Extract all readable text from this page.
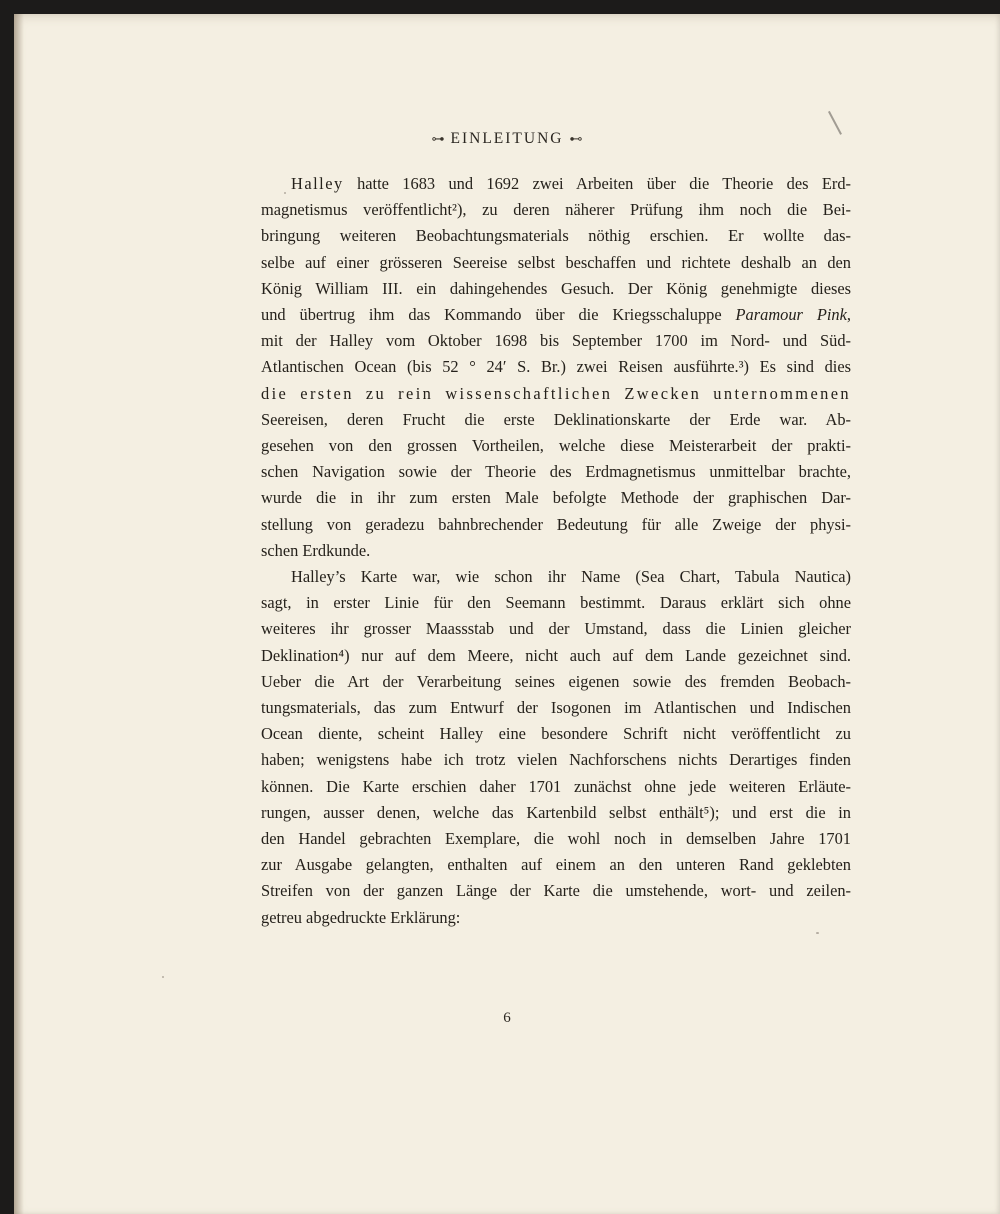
⊶ EINLEITUNG ⊷

Halley hatte 1683 und 1692 zwei Arbeiten über die Theorie des Erd-
magnetismus veröffentlicht²), zu deren näherer Prüfung ihm noch die Bei-
bringung weiteren Beobachtungsmaterials nöthig erschien. Er wollte das-
selbe auf einer grösseren Seereise selbst beschaffen und richtete deshalb an den
König William III. ein dahingehendes Gesuch. Der König genehmigte dieses
und übertrug ihm das Kommando über die Kriegsschaluppe Paramour Pink,
mit der Halley vom Oktober 1698 bis September 1700 im Nord- und Süd-
Atlantischen Ocean (bis 52 ° 24′ S. Br.) zwei Reisen ausführte.³) Es sind dies
die ersten zu rein wissenschaftlichen Zwecken unternommenen
Seereisen, deren Frucht die erste Deklinationskarte der Erde war. Ab-
gesehen von den grossen Vortheilen, welche diese Meisterarbeit der prakti-
schen Navigation sowie der Theorie des Erdmagnetismus unmittelbar brachte,
wurde die in ihr zum ersten Male befolgte Methode der graphischen Dar-
stellung von geradezu bahnbrechender Bedeutung für alle Zweige der physi-
schen Erdkunde.

Halley’s Karte war, wie schon ihr Name (Sea Chart, Tabula Nautica)
sagt, in erster Linie für den Seemann bestimmt. Daraus erklärt sich ohne
weiteres ihr grosser Maassstab und der Umstand, dass die Linien gleicher
Deklination⁴) nur auf dem Meere, nicht auch auf dem Lande gezeichnet sind.
Ueber die Art der Verarbeitung seines eigenen sowie des fremden Beobach-
tungsmaterials, das zum Entwurf der Isogonen im Atlantischen und Indischen
Ocean diente, scheint Halley eine besondere Schrift nicht veröffentlicht zu
haben; wenigstens habe ich trotz vielen Nachforschens nichts Derartiges finden
können. Die Karte erschien daher 1701 zunächst ohne jede weiteren Erläute-
rungen, ausser denen, welche das Kartenbild selbst enthält⁵); und erst die in
den Handel gebrachten Exemplare, die wohl noch in demselben Jahre 1701
zur Ausgabe gelangten, enthalten auf einem an den unteren Rand geklebten
Streifen von der ganzen Länge der Karte die umstehende, wort- und zeilen-
getreu abgedruckte Erklärung:

6
